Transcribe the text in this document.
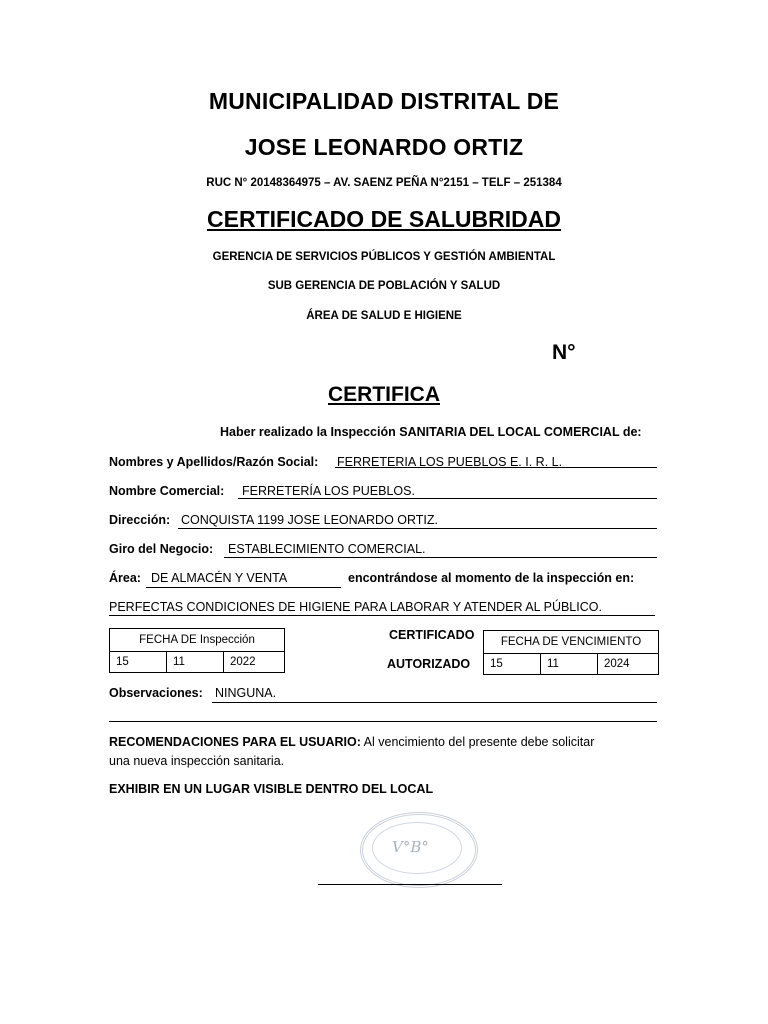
MUNICIPALIDAD DISTRITAL DE
JOSE LEONARDO ORTIZ
RUC N° 20148364975 – AV. SAENZ PEÑA N°2151 – TELF – 251384
CERTIFICADO DE SALUBRIDAD
GERENCIA DE SERVICIOS PÚBLICOS Y GESTIÓN AMBIENTAL
SUB GERENCIA DE POBLACIÓN Y SALUD
ÁREA DE SALUD E HIGIENE
N°
CERTIFICA
Haber realizado la Inspección SANITARIA DEL LOCAL COMERCIAL de:
Nombres y Apellidos/Razón Social: FERRETERIA LOS PUEBLOS E. I. R. L.
Nombre Comercial: FERRETERÍA LOS PUEBLOS.
Dirección: CONQUISTA 1199 JOSE LEONARDO ORTIZ.
Giro del Negocio: ESTABLECIMIENTO COMERCIAL.
Área: DE ALMACÉN Y VENTA	encontrándose al momento de la inspección en:
PERFECTAS CONDICIONES DE HIGIENE PARA LABORAR Y ATENDER AL PÚBLICO.
FECHA DE Inspección
15	11	2022
CERTIFICADO
AUTORIZADO
FECHA DE VENCIMIENTO
15	11	2024
Observaciones: NINGUNA.
RECOMENDACIONES PARA EL USUARIO: Al vencimiento del presente debe solicitar
una nueva inspección sanitaria.
EXHIBIR EN UN LUGAR VISIBLE DENTRO DEL LOCAL
V°B°
